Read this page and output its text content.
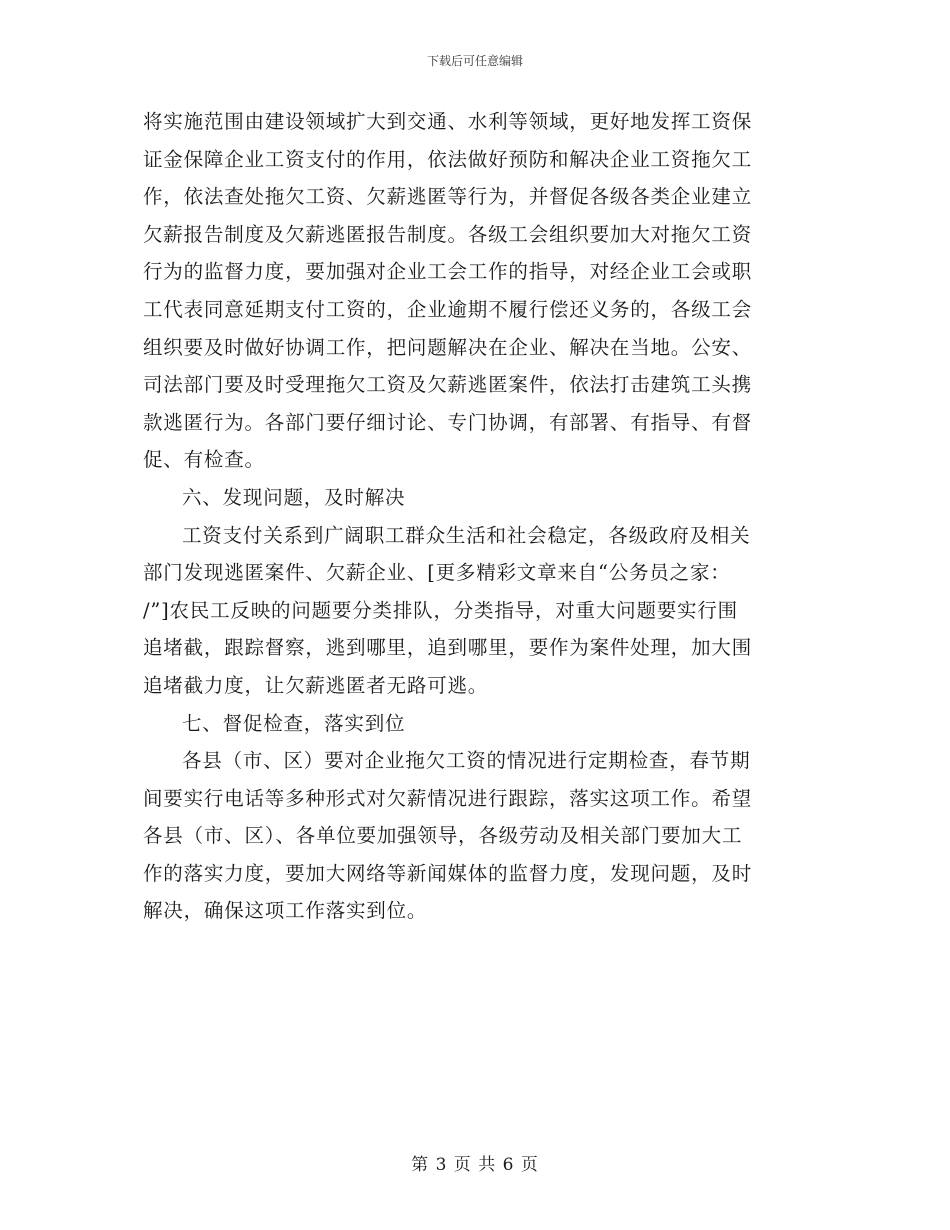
下载后可任意编辑
将实施范围由建设领域扩大到交通、水利等领域，更好地发挥工资保
证金保障企业工资支付的作用，依法做好预防和解决企业工资拖欠工
作，依法查处拖欠工资、欠薪逃匿等行为，并督促各级各类企业建立
欠薪报告制度及欠薪逃匿报告制度。各级工会组织要加大对拖欠工资
行为的监督力度，要加强对企业工会工作的指导，对经企业工会或职
工代表同意延期支付工资的，企业逾期不履行偿还义务的，各级工会
组织要及时做好协调工作，把问题解决在企业、解决在当地。公安、
司法部门要及时受理拖欠工资及欠薪逃匿案件，依法打击建筑工头携
款逃匿行为。各部门要仔细讨论、专门协调，有部署、有指导、有督
促、有检查。
六、发现问题，及时解决
工资支付关系到广阔职工群众生活和社会稳定，各级政府及相关
部门发现逃匿案件、欠薪企业、[更多精彩文章来自“公务员之家：
/”]农民工反映的问题要分类排队，分类指导，对重大问题要实行围
追堵截，跟踪督察，逃到哪里，追到哪里，要作为案件处理，加大围
追堵截力度，让欠薪逃匿者无路可逃。
七、督促检查，落实到位
各县（市、区）要对企业拖欠工资的情况进行定期检查，春节期
间要实行电话等多种形式对欠薪情况进行跟踪，落实这项工作。希望
各县（市、区）、各单位要加强领导，各级劳动及相关部门要加大工
作的落实力度，要加大网络等新闻媒体的监督力度，发现问题，及时
解决，确保这项工作落实到位。
第 3 页 共 6 页
